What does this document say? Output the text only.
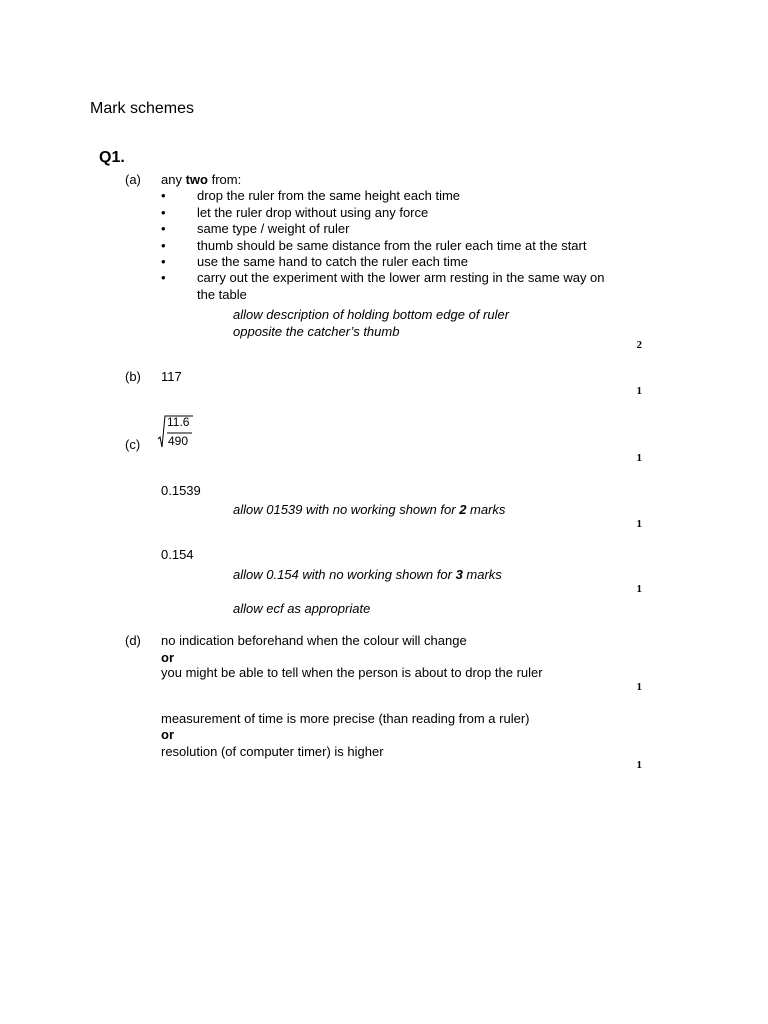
Mark schemes
Q1.
(a) any two from:
• drop the ruler from the same height each time
• let the ruler drop without using any force
• same type / weight of ruler
• thumb should be same distance from the ruler each time at the start
• use the same hand to catch the ruler each time
• carry out the experiment with the lower arm resting in the same way on
the table
allow description of holding bottom edge of ruler
opposite the catcher’s thumb
2
(b) 117
1
(c)
11.6
490
1
0.1539
allow 01539 with no working shown for 2 marks
1
0.154
allow 0.154 with no working shown for 3 marks
1
allow ecf as appropriate
(d) no indication beforehand when the colour will change
or
you might be able to tell when the person is about to drop the ruler
1
measurement of time is more precise (than reading from a ruler)
or
resolution (of computer timer) is higher
1
